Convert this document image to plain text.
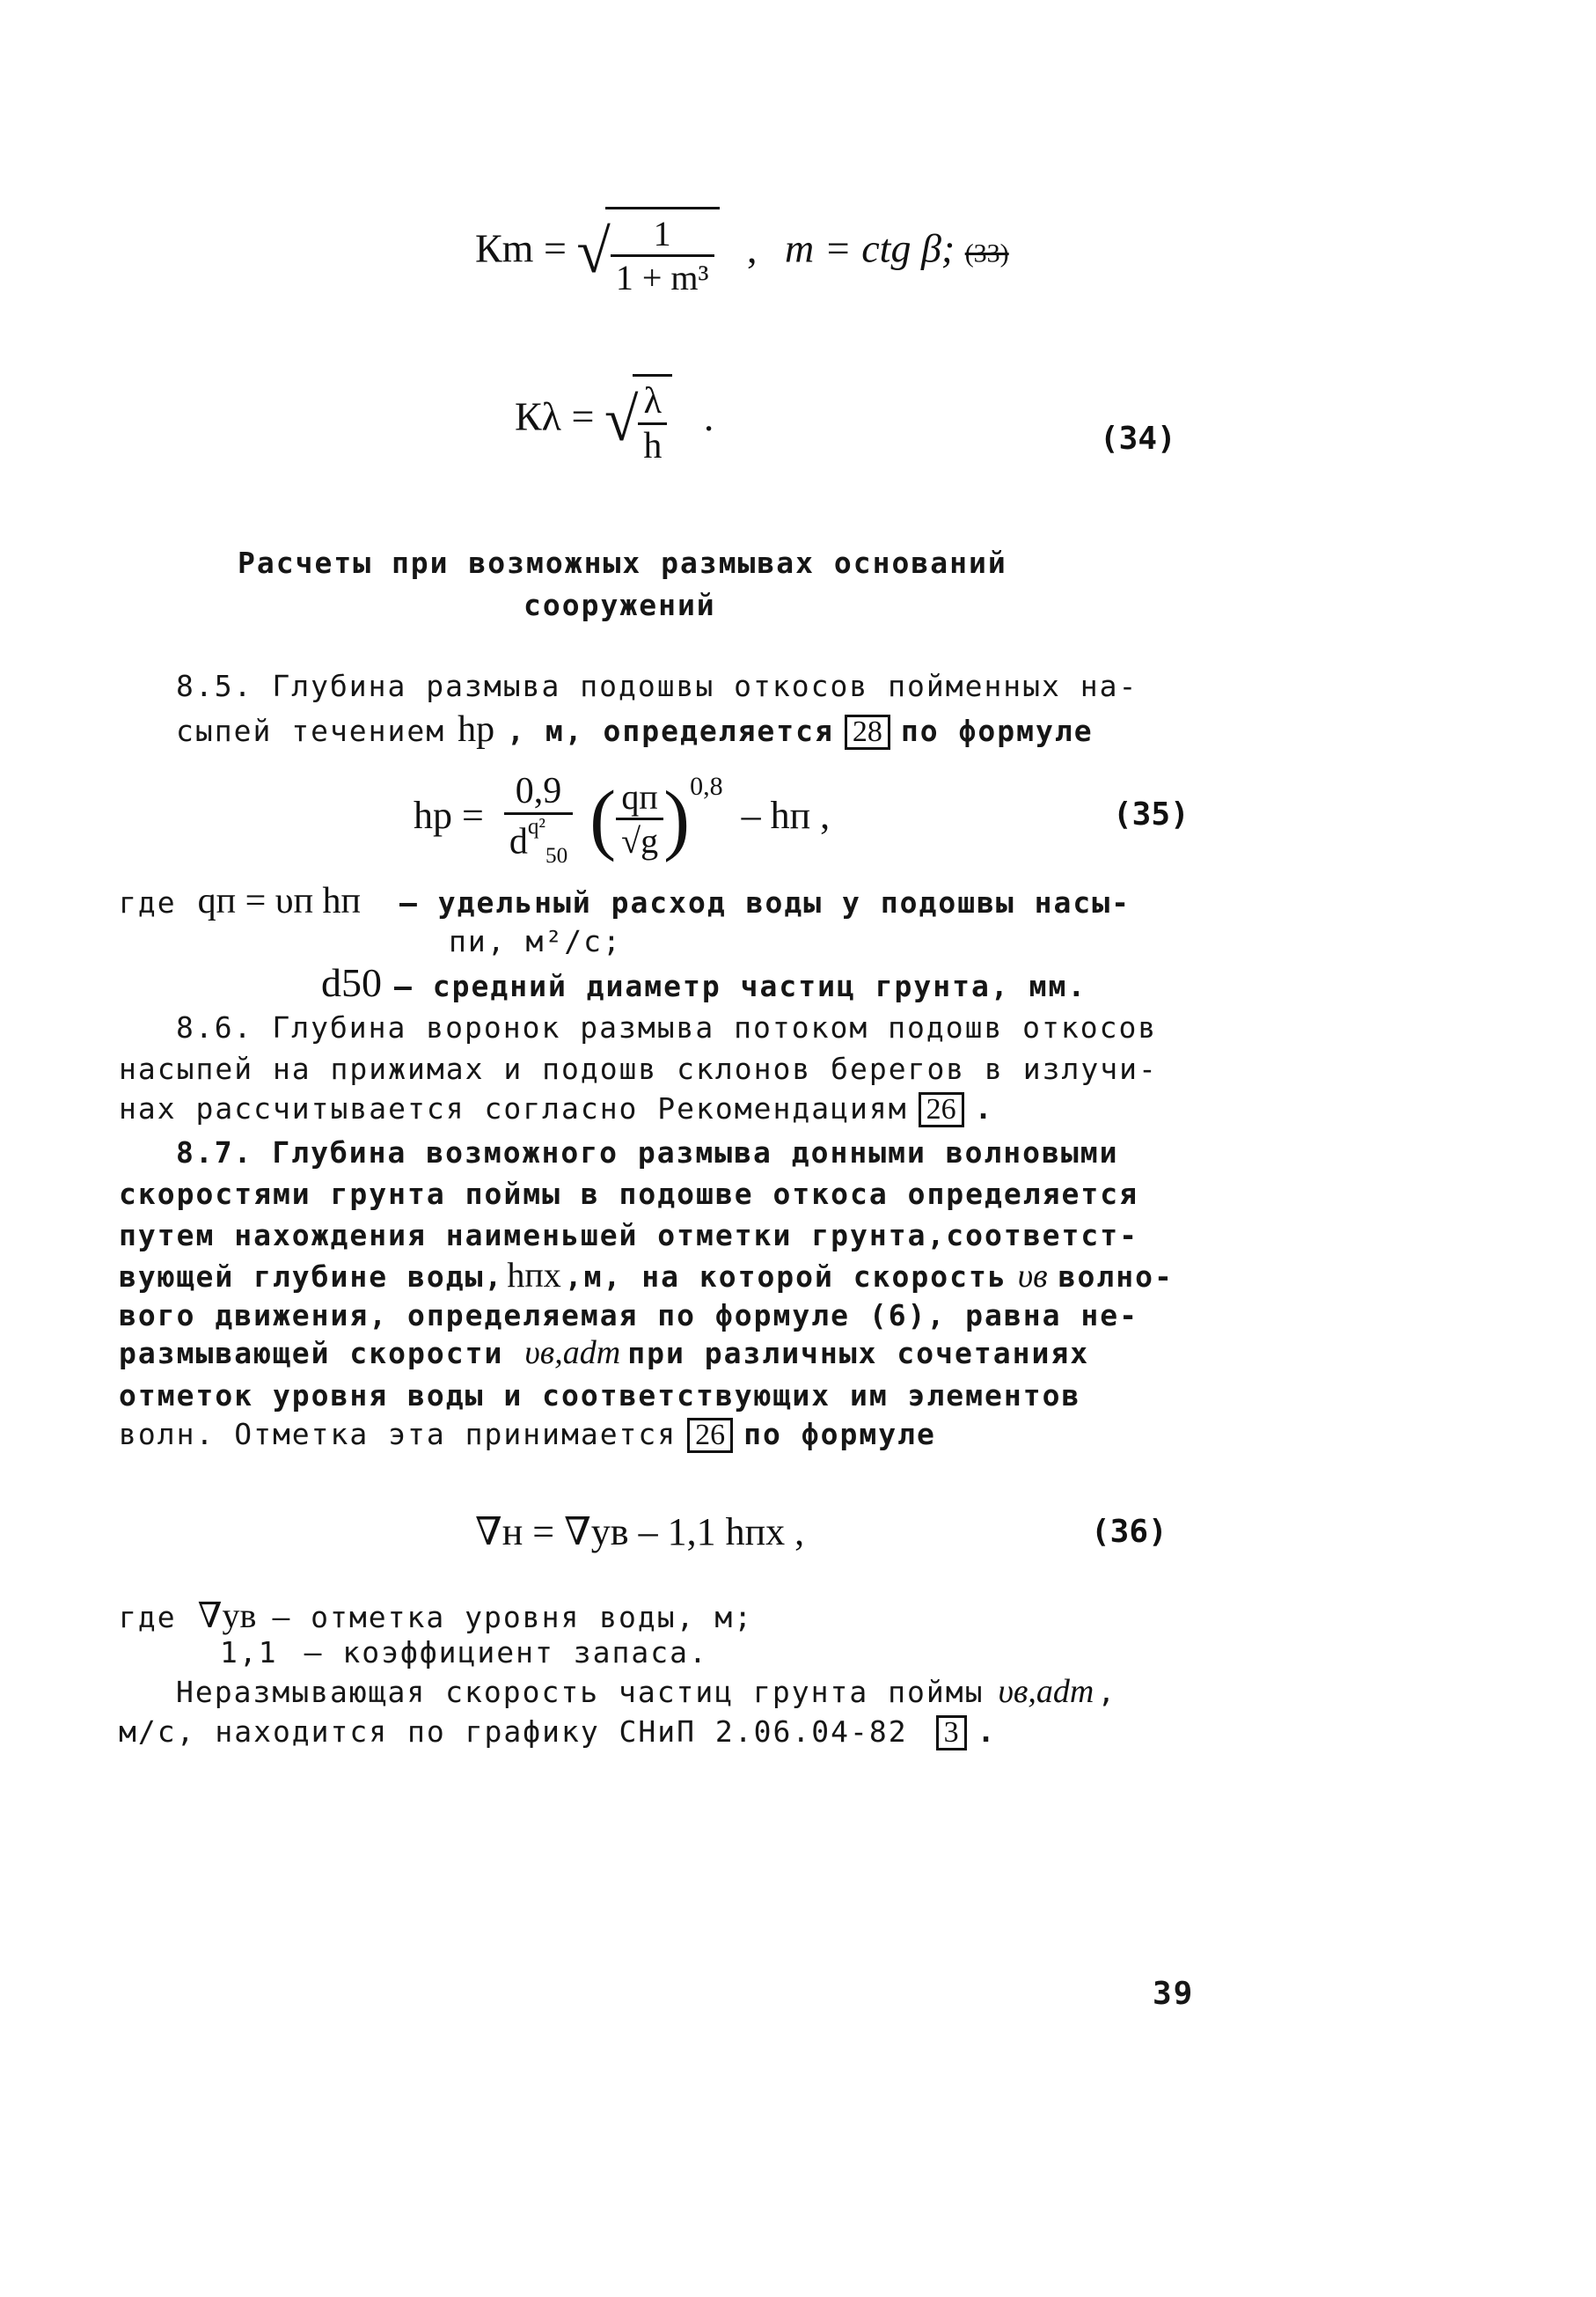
Кm = √ $\frac{1}{\text{1 + m³}}$ , m = ctg β; (33)
Кλ = √ $\frac{\lambda}{h}$ .	(34)
Расчеты при возможных размывах оснований
сооружений
8.5. Глубина размыва подошвы откосов пойменных на-
сыпей течением hр , м, определяется 28 по формуле
hр = $\frac{0,9}{d^{q^2}_{50}}$ ( $\frac{qп}{√g} )^{0,8}$ – hп ,	(35)
где qп = υп hп – удельный расход воды у подошвы насы-
пи, м²/с;
d50 – средний диаметр частиц грунта, мм.
8.6. Глубина воронок размыва потоком подошв откосов
насыпей на прижимах и подошв склонов берегов в излучи-
нах рассчитывается согласно Рекомендациям 26 .
8.7. Глубина возможного размыва донными волновыми
скоростями грунта поймы в подошве откоса определяется
путем нахождения наименьшей отметки грунта,соответст-
вующей глубине воды, hпх ,м, на которой скорость υв волно-
вого движения, определяемая по формуле (6), равна не-
размывающей скорости υв,adm при различных сочетаниях
отметок уровня воды и соответствующих им элементов
волн. Отметка эта принимается 26 по формуле
∇н = ∇ув – 1,1 hпх ,	(36)
где ∇ув – отметка уровня воды, м;
1,1 – коэффициент запаса.
Неразмывающая скорость частиц грунта поймы υв,adm ,
м/с, находится по графику СНиП 2.06.04-82 3 .
39
